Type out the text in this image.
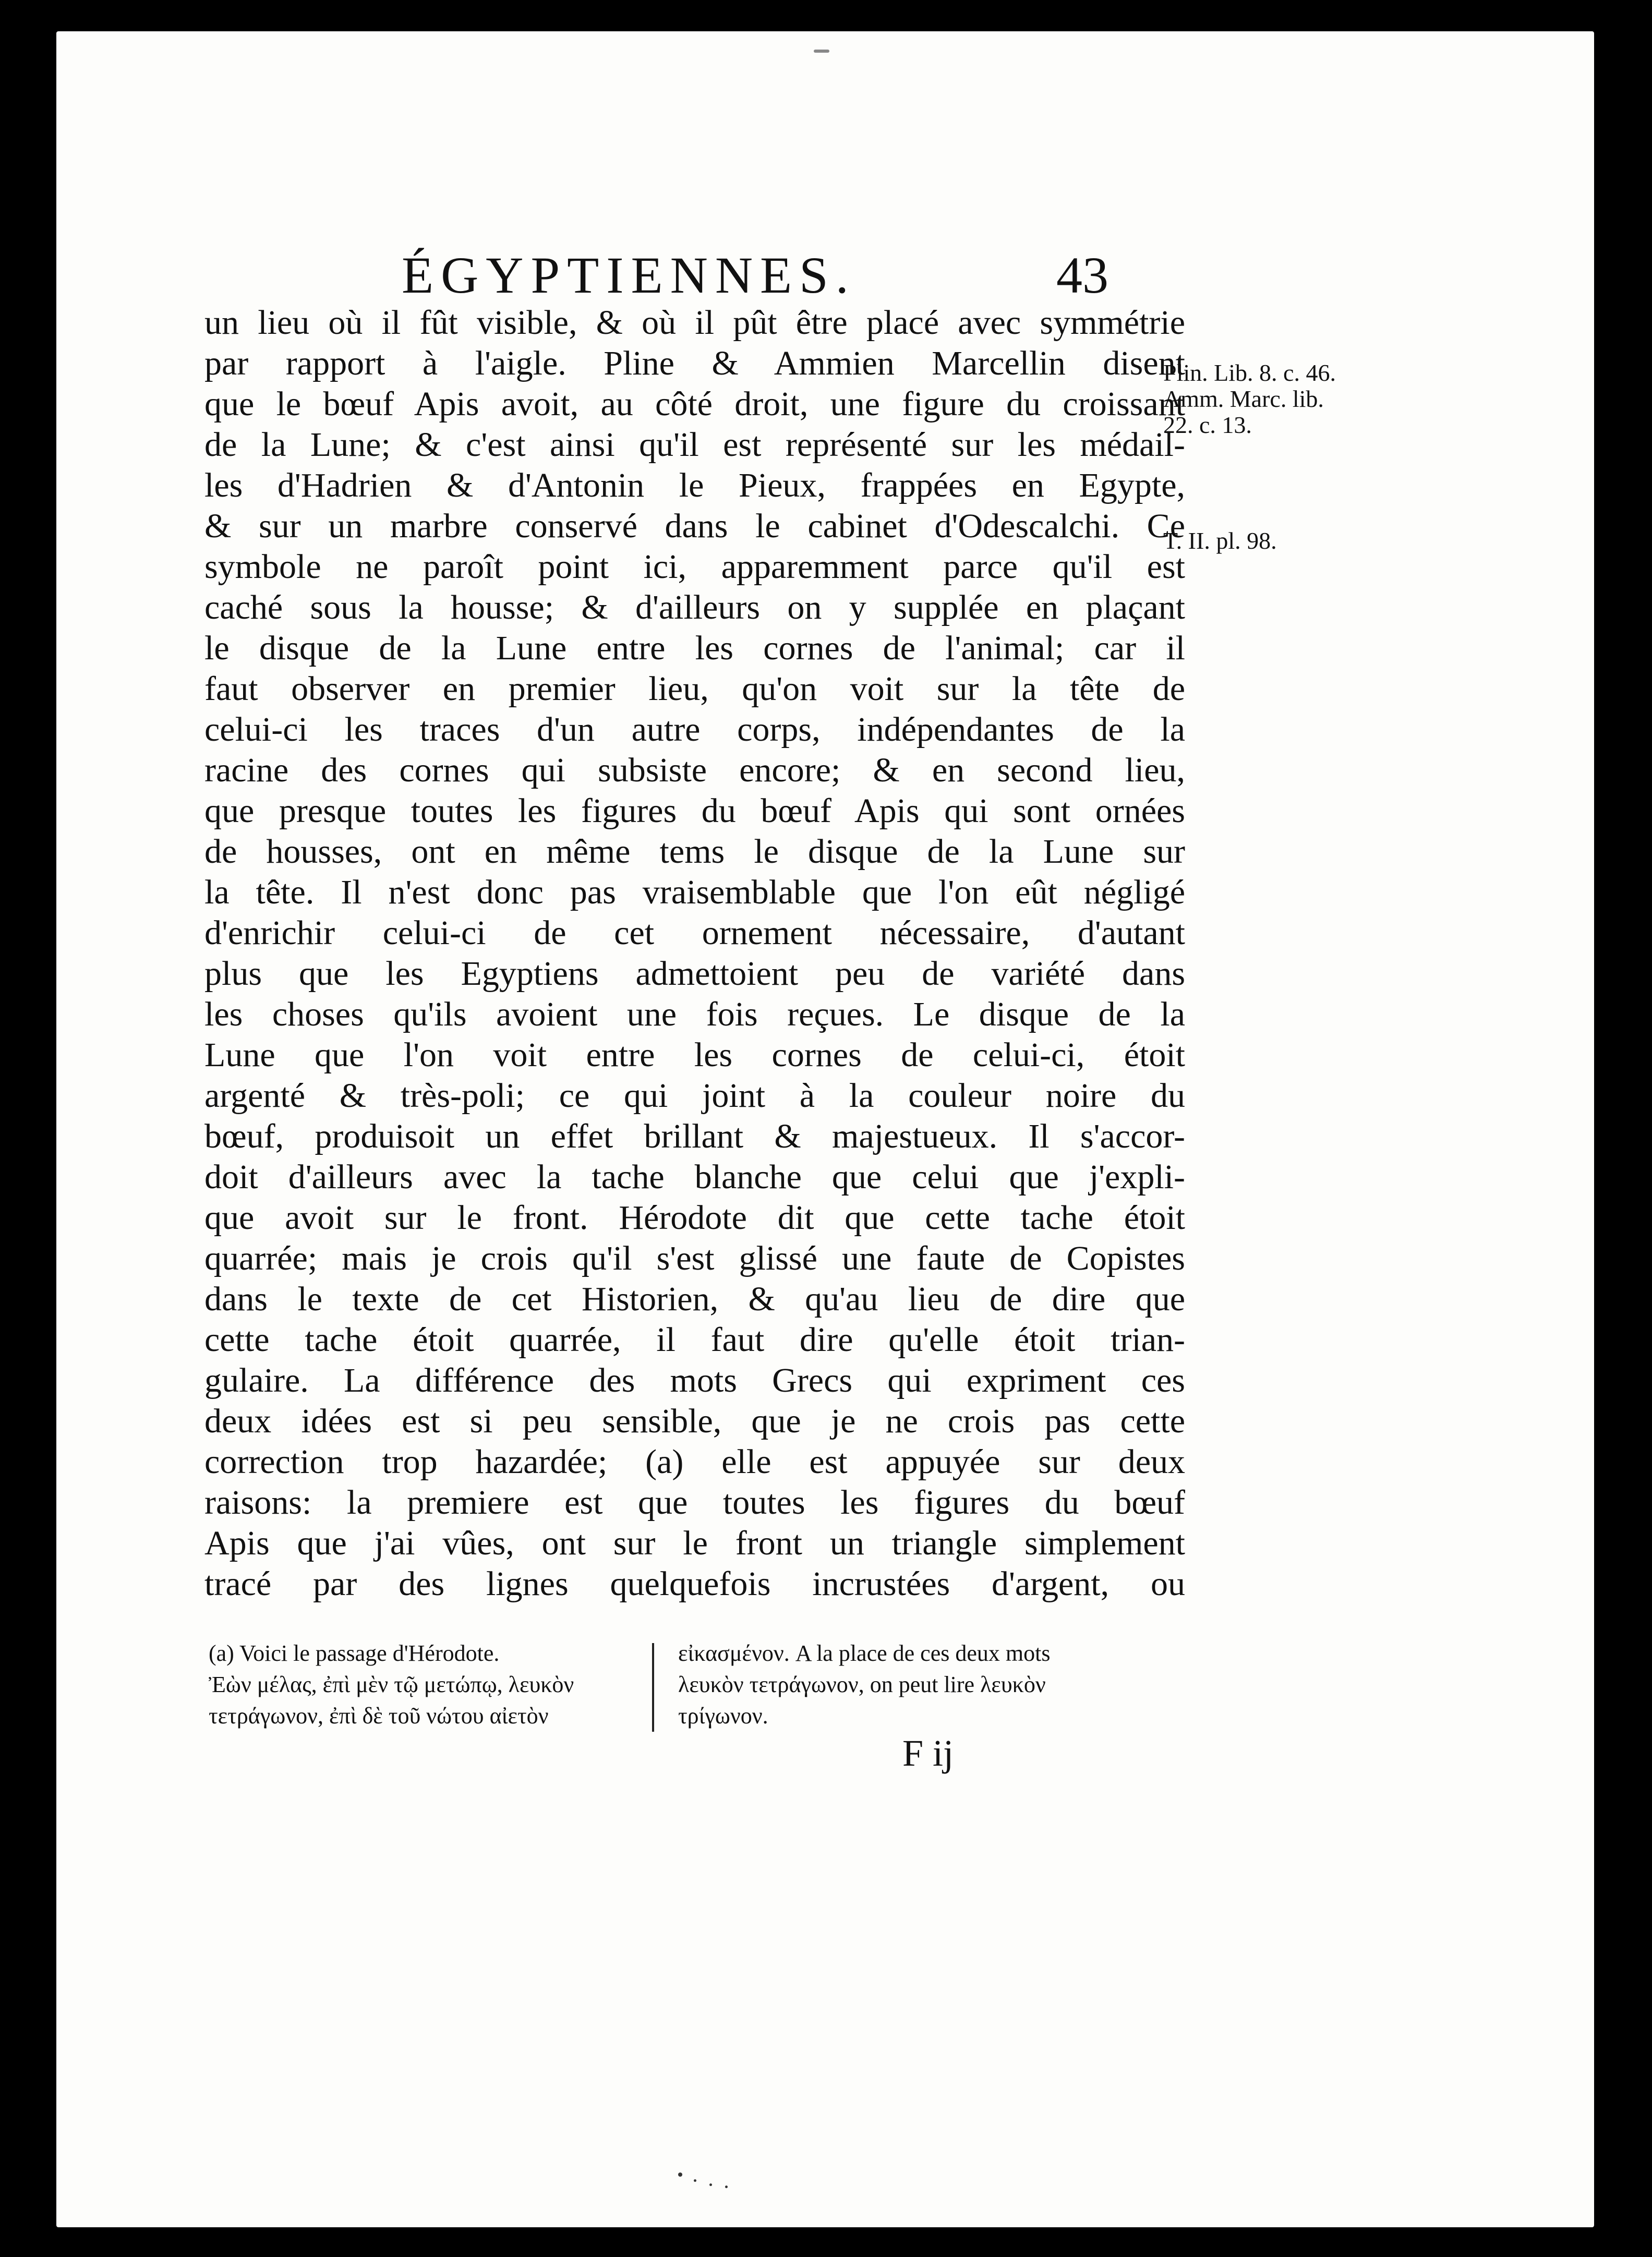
ÉGYPTIENNES.	43
un lieu où il fût visible, & où il pût être placé avec symmétrie
par rapport à l'aigle. Pline & Ammien Marcellin disent
que le bœuf Apis avoit, au côté droit, une figure du croissant
de la Lune; & c'est ainsi qu'il est représenté sur les médail-
les d'Hadrien & d'Antonin le Pieux, frappées en Egypte,
& sur un marbre conservé dans le cabinet d'Odescalchi. Ce
symbole ne paroît point ici, apparemment parce qu'il est
caché sous la housse; & d'ailleurs on y supplée en plaçant
le disque de la Lune entre les cornes de l'animal; car il
faut observer en premier lieu, qu'on voit sur la tête de
celui-ci les traces d'un autre corps, indépendantes de la
racine des cornes qui subsiste encore; & en second lieu,
que presque toutes les figures du bœuf Apis qui sont ornées
de housses, ont en même tems le disque de la Lune sur
la tête. Il n'est donc pas vraisemblable que l'on eût négligé
d'enrichir celui-ci de cet ornement nécessaire, d'autant
plus que les Egyptiens admettoient peu de variété dans
les choses qu'ils avoient une fois reçues. Le disque de la
Lune que l'on voit entre les cornes de celui-ci, étoit
argenté & très-poli; ce qui joint à la couleur noire du
bœuf, produisoit un effet brillant & majestueux. Il s'accor-
doit d'ailleurs avec la tache blanche que celui que j'expli-
que avoit sur le front. Hérodote dit que cette tache étoit
quarrée; mais je crois qu'il s'est glissé une faute de Copistes
dans le texte de cet Historien, & qu'au lieu de dire que
cette tache étoit quarrée, il faut dire qu'elle étoit trian-
gulaire. La différence des mots Grecs qui expriment ces
deux idées est si peu sensible, que je ne crois pas cette
correction trop hazardée; (a) elle est appuyée sur deux
raisons: la premiere est que toutes les figures du bœuf
Apis que j'ai vûes, ont sur le front un triangle simplement
tracé par des lignes quelquefois incrustées d'argent, ou
Plin. Lib. 8. c. 46.
Amm. Marc. lib.
22. c. 13.
T. II. pl. 98.
(a) Voici le passage d'Hérodote.
Ἐὼν μέλας, ἐπὶ μὲν τῷ μετώπῳ, λευκὸν
τετράγωνον, ἐπὶ δὲ τοῦ νώτου αἰετὸν
εἰκασμένον. A la place de ces deux mots
λευκὸν τετράγωνον, on peut lire λευκὸν
τρίγωνον.
F ij
